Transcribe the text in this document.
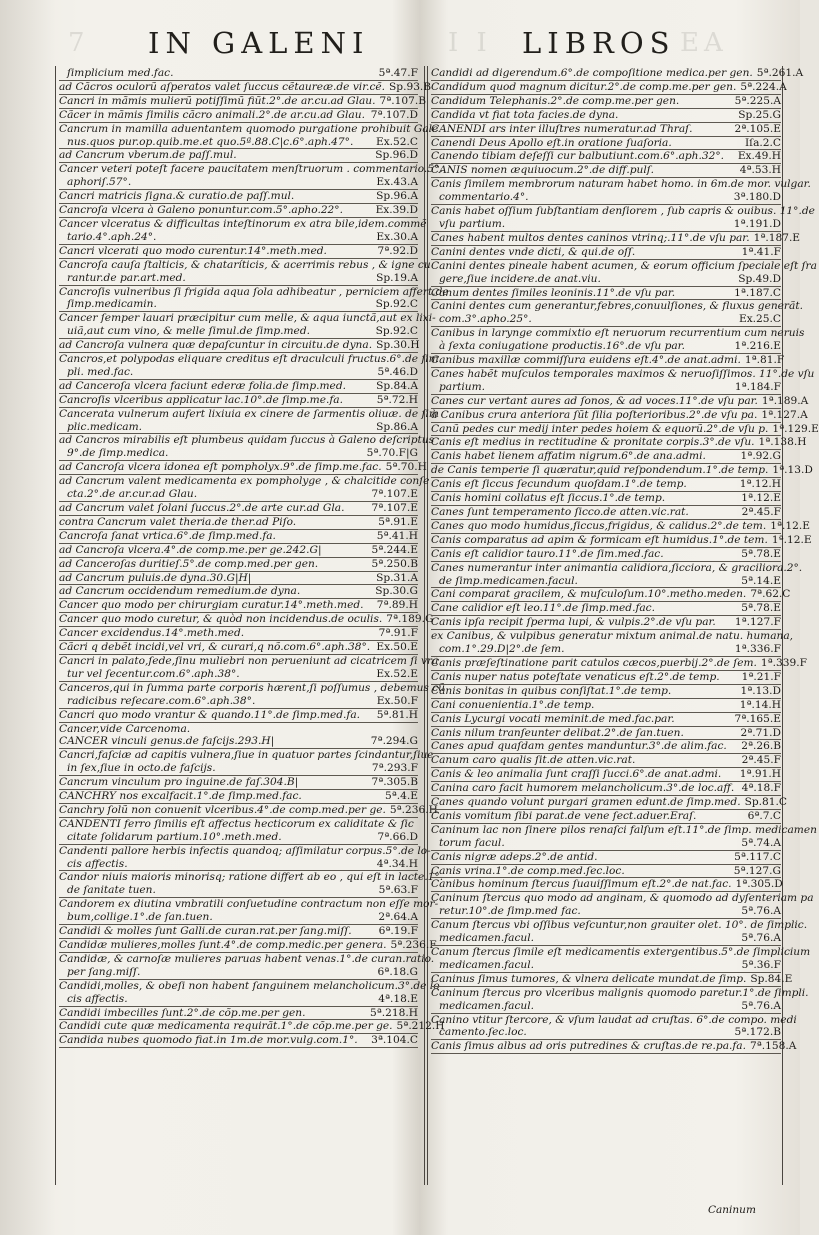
7	I I	EA
IN GALENI	LIBROS
ſimplicium med.fac.	5ª.47.F
ad Cãcros oculorũ aſperatos valet ſuccus cẽtaureæ.de vir.cẽ. Sp.93.B
Cancri in mãmis mulierũ potiſſimũ fiũt.2°.de ar.cu.ad Glau. 7ª.107.B
Cãcer in mãmis ſimilis cãcro animali.2°.de ar.cu.ad Glau. 7ª.107.D
Cancrum in mamilla aduentantem quomodo purgatione prohibuit Gale
nus.quos pur.op.quib.me.et quo.5ª.88.C|c.6°.aph.47°.	Ex.52.C
ad Cancrum vberum.de paſſ.mul.	Sp.96.D
Cancer veteri poteſt facere paucitatem menſtruorum . commentario.5°.
aphoriſ.57°.	Ex.43.A
Cancri matricis ſigna.& curatio.de paſſ.mul.	Sp.96.A
Cancroſa vlcera à Galeno ponuntur.com.5°.apho.22°.	Ex.39.D
Cancer vlceratus & difficultas inteſtinorum ex atra bile,idem.commẽ
tario.4°.aph.24°.	Ex.30.A
Cancri vlcerati quo modo curentur.14°.meth.med.	7ª.92.D
Cancroſa cauſa ſtalticis, & chataríticis, & acerrimis rebus , & igne cu
rantur.de par.art.med.	Sp.19.A
Cancroſis vulneribus ſi frigida aqua ſola adhibeatur , perniciem affert.de
ſimp.medicamin.	Sp.92.C
Cancer ſemper lauari præcipitur cum melle, & aqua iunctã,aut ex lixi-
uiã,aut cum vino, & melle ſimul.de ſimp.med.	Sp.92.C
ad Cancroſa vulnera quæ depaſcuntur in circuitu.de dyna. Sp.30.H
Cancros,et polypodas eliquare creditus eſt draculculi fructus.6°.de ſim
pli. med.fac.	5ª.46.D
ad Canceroſa vlcera faciunt ederæ folia.de ſimp.med.	Sp.84.A
Cancroſis vlceribus applicatur lac.10°.de ſimp.me.fa.	5ª.72.H
Cancerata vulnerum aufert lixiuia ex cinere de ſarmentis oliuæ. de ſim
plic.medicam.	Sp.86.A
ad Cancros mirabilis eſt plumbeus quidam ſuccus à Galeno deſcriptus
9°.de ſimp.medica.	5ª.70.F|G
ad Cancroſa vlcera idonea eſt pompholyx.9°.de ſimp.me.fac. 5ª.70.H
ad Cancrum valent medicamenta ex pompholyge , & chalcitide conſe
cta.2°.de ar.cur.ad Glau.	7ª.107.E
ad Cancrum valet ſolani ſuccus.2°.de arte cur.ad Gla.	7ª.107.E
contra Cancrum valet theria.de ther.ad Piſo.	5ª.91.E
Cancroſa ſanat vrtica.6°.de ſimp.med.fa.	5ª.41.H
ad Cancroſa vlcera.4°.de comp.me.per ge.242.G|	5ª.244.E
ad Canceroſas duritieſ.5°.de comp.med.per gen.	5ª.250.B
ad Cancrum puluis.de dyna.30.G|H|	Sp.31.A
ad Cancrum occidendum remedium.de dyna.	Sp.30.G
Cancer quo modo per chirurgiam curatur.14°.meth.med.	7ª.89.H
Cancer quo modo curetur, & quòd non incidendus.de oculis. 7ª.189.G
Cancer excidendus.14°.meth.med.	7ª.91.F
Cãcri q debẽt incidi,vel vri, & curari,q nõ.com.6°.aph.38°. Ex.50.E
Cancri in palato,ſede,ſinu muliebri non perueniunt ad cicatricem ſi vrã
tur vel ſecentur.com.6°.aph.38°.	Ex.52.E
Canceros,qui in ſumma parte corporis hærent,ſi poſſumus , debemus cũ
radicibus reſecare.com.6°.aph.38°.	Ex.50.F
Cancri quo modo vrantur & quando.11°.de ſimp.med.fa.	5ª.81.H
Cancer,vide Carcenoma.
CANCER vinculi genus.de faſcijs.293.H|	7ª.294.G
Cancri,faſciæ ad capitis vulnera,ſiue in quatuor partes ſcindantur,ſiue
in ſex,ſiue in octo.de faſcijs.	7ª.293.F
Cancrum vinculum pro inguine.de faſ.304.B|	7ª.305.B
CANCHRY nos excalfacit.1°.de ſimp.med.fac.	5ª.4.E
Canchry ſolũ non conuenit vlceribus.4°.de comp.med.per ge. 5ª.236.H
CANDENTI ferro ſimilis eſt affectus hecticorum ex caliditate & ſic
citate ſolidarum partium.10°.meth.med.	7ª.66.D
Candenti pallore herbis infectis quandoq; aſſimilatur corpus.5°.de lo-
cis affectis.	4ª.34.H
Candor niuis maioris minorisq; ratione differt ab eo , qui eſt in lacte.1°.
de ſanitate tuen.	5ª.63.F
Candorem ex diutina vmbratili conſuetudine contractum non eſſe mor-
bum,collige.1°.de ſan.tuen.	2ª.64.A
Candidi & molles ſunt Galli.de curan.rat.per ſang.miſſ.	6ª.19.F
Candidæ mulieres,molles ſunt.4°.de comp.medic.per genera. 5ª.236.F
Candidæ, & carnoſæ mulieres paruas habent venas.1°.de curan.ratio.
per ſang.miſſ.	6ª.18.G
Candidi,molles, & obeſi non habent ſanguinem melancholicum.3°.de lo
cis affectis.	4ª.18.E
Candidi imbecilles ſunt.2°.de cõp.me.per gen.	5ª.218.H
Candidi cute quæ medicamenta requirãt.1°.de cõp.me.per ge. 5ª.212.H
Candida nubes quomodo fiat.in 1m.de mor.vulg.com.1°.	3ª.104.C
Candidi ad digerendum.6°.de compoſitione medica.per gen. 5ª.261.A
Candidum quod magnum dicitur.2°.de comp.me.per gen. 5ª.224.A
Candidum Telephanis.2°.de comp.me.per gen.	5ª.225.A
Candida vt fiat tota facies.de dyna.	Sp.25.G
CANENDI ars inter illuſtres numeratur.ad Thraſ.	2ª.105.E
Canendi Deus Apollo eſt.in oratione ſuaſoria.	Iſa.2.C
Canendo tibiam deſeſſi cur balbutiunt.com.6°.aph.32°.	Ex.49.H
CANIS nomen æquiuocum.2°.de diff.pulſ.	4ª.53.H
Canis ſimilem membrorum naturam habet homo. in 6m.de mor. vulgar.
commentario.4°.	3ª.180.D
Canis habet oſſium ſubſtantiam denſiorem , ſub capris & ouibus. 11°.de
vſu partium.	1ª.191.D
Canes habent multos dentes caninos vtrinq;.11°.de vſu par. 1ª.187.E
Canini dentes vnde dicti, & qui.de oſſ.	1ª.41.F
Canini dentes pineale habent acumen, & eorum officium ſpeciale eſt ſra
gere,ſiue incidere.de anat.viu.	Sp.49.D
Canum dentes ſimiles leoninis.11°.de vſu par.	1ª.187.C
Canini dentes cum generantur,febres,conuulſiones, & fluxus generãt.
com.3°.apho.25°.	Ex.25.C
Canibus in larynge commixtio eſt neruorum recurrentium cum neruis
à ſexta coniugatione productis.16°.de vſu par.	1ª.216.E
Canibus maxillæ commiſſura euidens eſt.4°.de anat.admi. 1ª.81.F
Canes habẽt muſculos temporales maximos & neruoſiſſimos. 11°.de vſu
partium.	1ª.184.F
Canes cur vertant aures ad ſonos, & ad voces.11°.de vſu par. 1ª.189.A
à Canibus crura anteriora ſũt ſilia poſterioribus.2°.de vſu pa. 1ª.127.A
Canũ pedes cur medij inter pedes hoiem & equorũ.2°.de vſu p. 1ª.129.E
Canis eſt medius in rectitudine & pronitate corpis.3°.de vſu. 1ª.138.H
Canis habet lienem affatim nigrum.6°.de ana.admi.	1ª.92.G
de Canis temperie ſi quæratur,quid reſpondendum.1°.de temp. 1ª.13.D
Canis eſt ſiccus ſecundum quoſdam.1°.de temp.	1ª.12.H
Canis homini collatus eſt ſiccus.1°.de temp.	1ª.12.E
Canes ſunt temperamento ſicco.de atten.vic.rat.	2ª.45.F
Canes quo modo humidus,ſiccus,frigidus, & calidus.2°.de tem. 1ª.12.E
Canis comparatus ad apim & formicam eſt humidus.1°.de tem. 1ª.12.E
Canis eſt calidior tauro.11°.de ſim.med.fac.	5ª.78.E
Canes numerantur inter animantia calidiora,ſicciora, & graciliora.2°.
de ſimp.medicamen.facul.	5ª.14.E
Cani comparat gracilem, & muſculoſum.10°.metho.meden. 7ª.62.C
Cane calidior eſt leo.11°.de ſimp.med.fac.	5ª.78.E
Canis ipſa recipit ſperma lupi, & vulpis.2°.de vſu par.	1ª.127.F
ex Canibus, & vulpibus generatur mixtum animal.de natu. humana,
com.1°.29.D|2°.de ſem.	1ª.336.F
Canis præſeſtinatione parit catulos cæcos,puerbij.2°.de ſem. 1ª.339.F
Canis nuper natus poteſtate venaticus eſt.2°.de temp.	1ª.21.F
Canis bonitas in quibus conſiſtat.1°.de temp.	1ª.13.D
Cani conuenientia.1°.de temp.	1ª.14.H
Canis Lycurgi vocati meminit.de med.fac.par.	7ª.165.E
Canis nilum tranſeunter delibat.2°.de ſan.tuen.	2ª.71.D
Canes apud quaſdam gentes manduntur.3°.de alim.fac.	2ª.26.B
Canum caro qualis ſit.de atten.vic.rat.	2ª.45.F
Canis & leo animalia ſunt craſſi ſucci.6°.de anat.admi.	1ª.91.H
Canina caro facit humorem melancholicum.3°.de loc.aff. 4ª.18.F
Canes quando volunt purgari gramen edunt.de ſimp.med. Sp.81.C
Canis vomitum ſibi parat.de vene ſect.aduer.Eraſ.	6ª.7.C
Caninum lac non ſinere pilos renaſci falſum eſt.11°.de ſimp. medicamen
torum facul.	5ª.74.A
Canis nigræ adeps.2°.de antid.	5ª.117.C
Canis vrina.1°.de comp.med.ſec.loc.	5ª.127.G
Canibus hominum ſtercus ſuauiſſimum eſt.2°.de nat.fac. 1ª.305.D
Caninum ſtercus quo modo ad anginam, & quomodo ad dyſenteriam pa
retur.10°.de ſimp.med fac.	5ª.76.A
Canum ſtercus vbi oſſibus veſcuntur,non grauiter olet. 10°. de ſimplic.
medicamen.facul.	5ª.76.A
Canum ſtercus ſimile eſt medicamentis extergentibus.5°.de ſimplicium
medicamen.facul.	5ª.36.F
Caninus ſimus tumores, & vlnera delicate mundat.de ſimp. Sp.84.E
Caninum ſtercus pro vlceribus malignis quomodo paretur.1°.de ſimpli.
medicamen.facul.	5ª.76.A
Canino vtitur ſtercore, & vſum laudat ad cruſtas. 6°.de compo. medi
camento.ſec.loc.	5ª.172.B
Canis ſimus albus ad oris putredines & cruſtas.de re.pa.fa. 7ª.158.A
Caninum
